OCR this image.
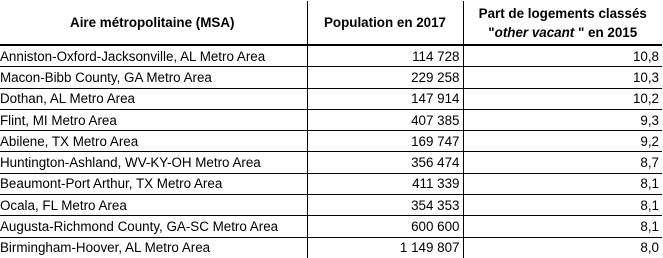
Aire métropolitaine (MSA)	Population en 2017	Part de logements classés
"other vacant " en 2015

Anniston-Oxford-Jacksonville, AL Metro Area	114 728	10,8
Macon-Bibb County, GA Metro Area	229 258	10,3
Dothan, AL Metro Area	147 914	10,2
Flint, MI Metro Area	407 385	9,3
Abilene, TX Metro Area	169 747	9,2
Huntington-Ashland, WV-KY-OH Metro Area	356 474	8,7
Beaumont-Port Arthur, TX Metro Area	411 339	8,1
Ocala, FL Metro Area	354 353	8,1
Augusta-Richmond County, GA-SC Metro Area	600 600	8,1
Birmingham-Hoover, AL Metro Area	1 149 807	8,0
